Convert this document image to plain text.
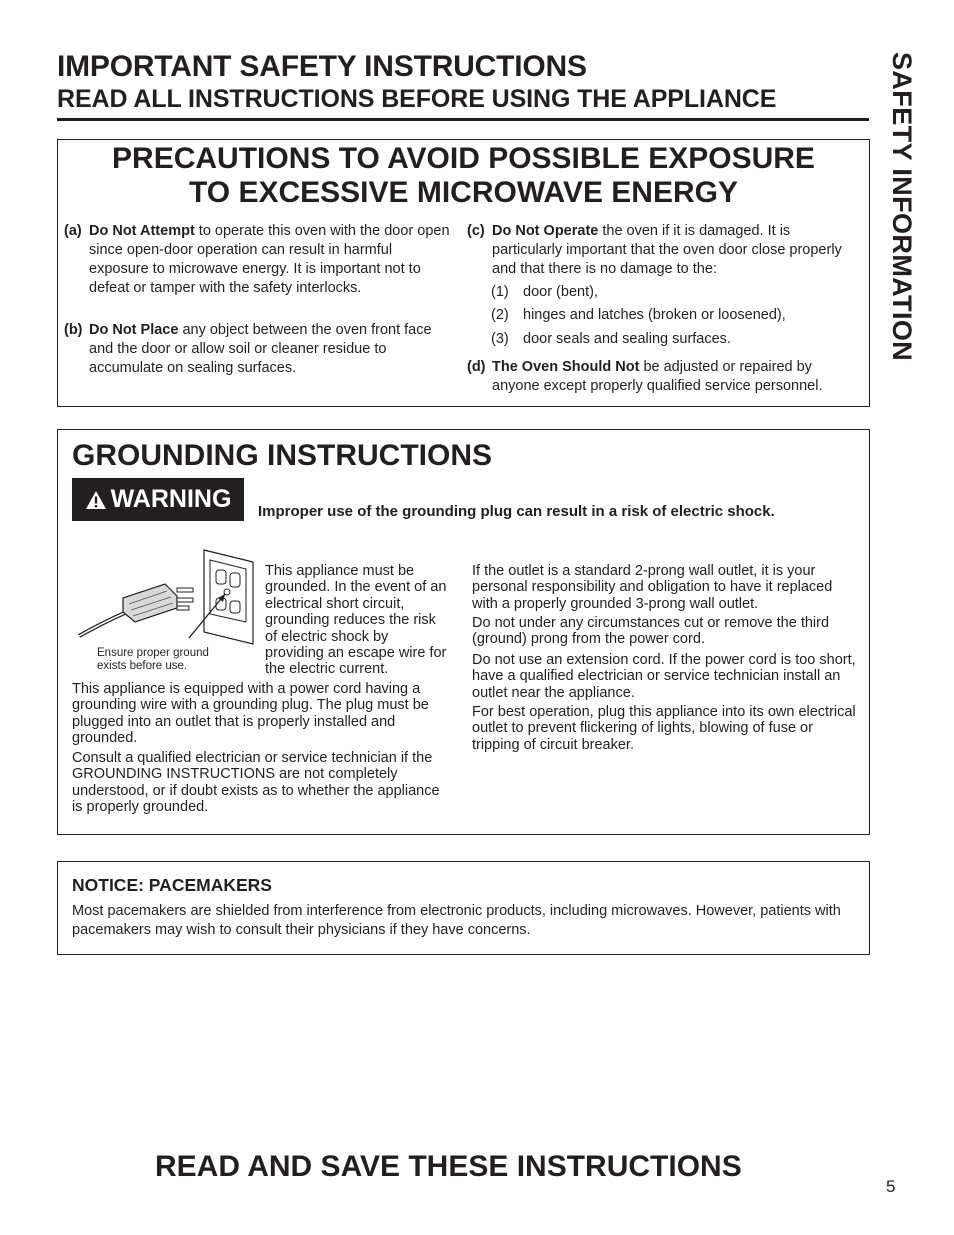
IMPORTANT SAFETY INSTRUCTIONS
READ ALL INSTRUCTIONS BEFORE USING THE APPLIANCE	SAFETY INFORMATION
PRECAUTIONS TO AVOID POSSIBLE EXPOSURE
TO EXCESSIVE MICROWAVE ENERGY
(a) Do Not Attempt to operate this oven with the door open since open-door operation can result in harmful exposure to microwave energy. It is important not to defeat or tamper with the safety interlocks.
(b) Do Not Place any object between the oven front face and the door or allow soil or cleaner residue to accumulate on sealing surfaces.
(c) Do Not Operate the oven if it is damaged. It is particularly important that the oven door close properly and that there is no damage to the:
(1) door (bent),
(2) hinges and latches (broken or loosened),
(3) door seals and sealing surfaces.
(d) The Oven Should Not be adjusted or repaired by anyone except properly qualified service personnel.
GROUNDING INSTRUCTIONS
WARNING Improper use of the grounding plug can result in a risk of electric shock.
Ensure proper ground exists before use.

This appliance must be grounded. In the event of an electrical short circuit, grounding reduces the risk of electric shock by providing an escape wire for the electric current.

This appliance is equipped with a power cord having a grounding wire with a grounding plug. The plug must be plugged into an outlet that is properly installed and grounded.

Consult a qualified electrician or service technician if the GROUNDING INSTRUCTIONS are not completely understood, or if doubt exists as to whether the appliance is properly grounded.

If the outlet is a standard 2-prong wall outlet, it is your personal responsibility and obligation to have it replaced with a properly grounded 3-prong wall outlet.

Do not under any circumstances cut or remove the third (ground) prong from the power cord.

Do not use an extension cord. If the power cord is too short, have a qualified electrician or service technician install an outlet near the appliance.

For best operation, plug this appliance into its own electrical outlet to prevent flickering of lights, blowing of fuse or tripping of circuit breaker.

NOTICE: PACEMAKERS
Most pacemakers are shielded from interference from electronic products, including microwaves. However, patients with pacemakers may wish to consult their physicians if they have concerns.
READ AND SAVE THESE INSTRUCTIONS
5
